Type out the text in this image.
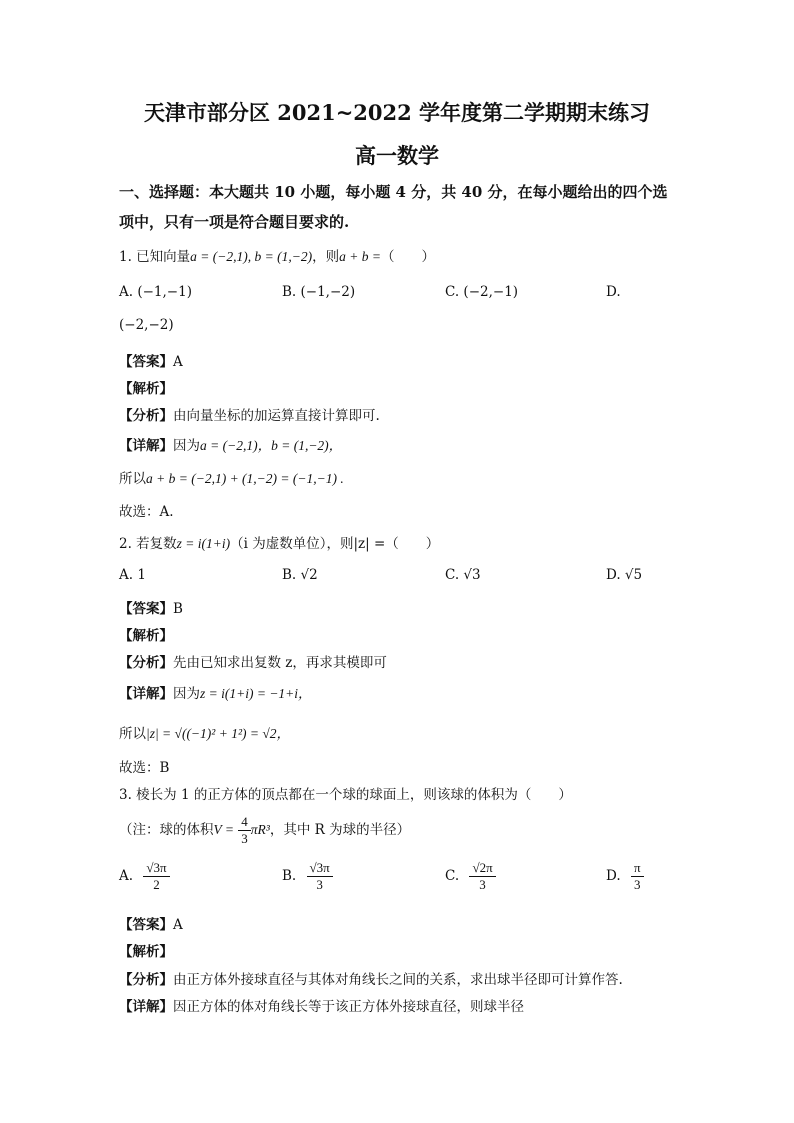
天津市部分区 2021~2022 学年度第二学期期末练习
高一数学
一、选择题：本大题共 10 小题，每小题 4 分，共 40 分，在每小题给出的四个选
项中，只有一项是符合题目要求的.
1. 已知向量a = (−2,1), b = (1,−2)，则a + b =（　　）
A. (−1,−1)	B. (−1,−2)	C. (−2,−1)	D.
(−2,−2)
【答案】A
【解析】
【分析】由向量坐标的加运算直接计算即可.
【详解】因为a = (−2,1)，b = (1,−2)，
所以a + b = (−2,1) + (1,−2) = (−1,−1) .
故选：A.
2. 若复数z = i(1+i)（i 为虚数单位），则|z| =（　　）
A. 1	B. √2	C. √3	D. √5
【答案】B
【解析】
【分析】先由已知求出复数 z，再求其模即可
【详解】因为z = i(1+i) = −1+i，
所以|z| = √((−1)² + 1²) = √2，
故选：B
3. 棱长为 1 的正方体的顶点都在一个球的球面上，则该球的体积为（　　）
（注：球的体积$V = \frac{4}{3} \pi R^3$，其中 R 为球的半径）
A. $\frac{√3\pi}{2}$	B. $\frac{√3\pi}{3}$	C. $\frac{√2\pi}{3}$	D. $\frac{\pi}{3}$
【答案】A
【解析】
【分析】由正方体外接球直径与其体对角线长之间的关系，求出球半径即可计算作答.
【详解】因正方体的体对角线长等于该正方体外接球直径，则球半径
